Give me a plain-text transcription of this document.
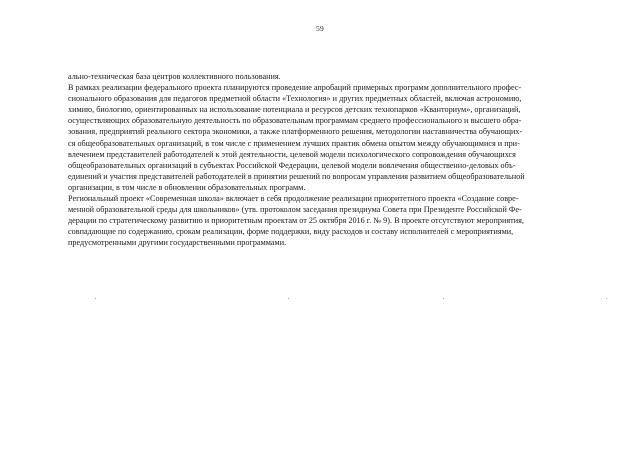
59
ально-техническая база центров коллективного пользования.
В рамках реализации федерального проекта планируются проведение апробаций примерных программ дополнительного профес-
сионального образования для педагогов предметной области «Технология» и других предметных областей, включая астрономию,
химию, биологию, ориентированных на использование потенциала и ресурсов детских технопарков «Кванториум», организаций,
осуществляющих образовательную деятельность по образовательным программам среднего профессионального и высшего обра-
зования, предприятий реального сектора экономики, а также платформенного решения, методологии наставничества обучающих-
ся общеобразовательных организаций, в том числе с применением лучших практик обмена опытом между обучающимися и при-
влечением представителей работодателей к этой деятельности, целевой модели психологического сопровождения обучающихся
общеобразовательных организаций в субъектах Российской Федерации, целевой модели вовлечения общественно-деловых объ-
единений и участия представителей работодателей в принятии решений по вопросам управления развитием общеобразовательной
организации, в том числе в обновлении образовательных программ.
Региональный проект «Современная школа» включает в себя продолжение реализации приоритетного проекта «Создание совре-
менной образовательной среды для школьников» (утв. протоколом заседания президиума Совета при Президенте Российской Фе-
дерации по стратегическому развитию и приоритетным проектам от 25 октября 2016 г. № 9). В проекте отсутствуют мероприятия,
совпадающие по содержанию, срокам реализации, форме поддержки, виду расходов и составу исполнителей с мероприятиями,
предусмотренными другими государственными программами.
